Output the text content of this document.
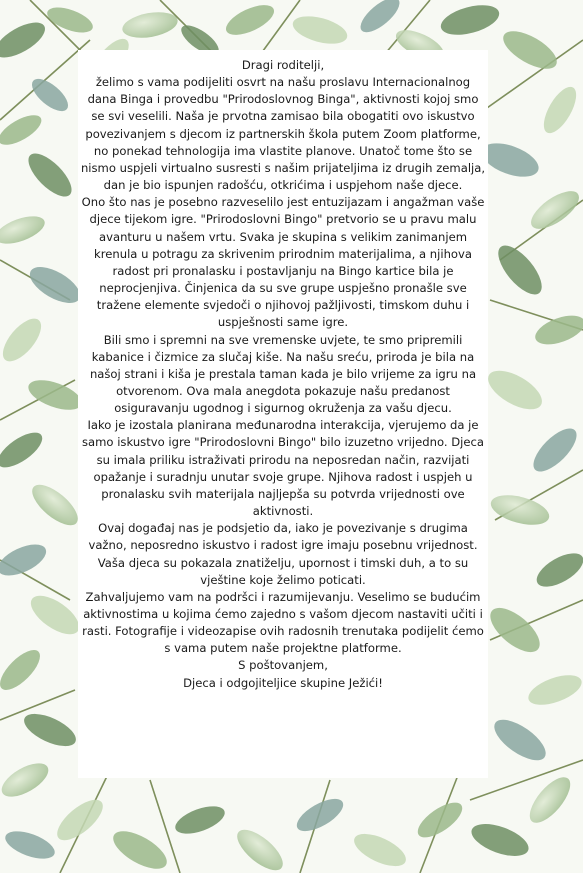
Dragi roditelji,

želimo s vama podijeliti osvrt na našu proslavu Internacionalnog dana Binga i provedbu "Prirodoslovnog Binga", aktivnosti kojoj smo se svi veselili. Naša je prvotna zamisao bila obogatiti ovo iskustvo povezivanjem s djecom iz partnerskih škola putem Zoom platforme, no ponekad tehnologija ima vlastite planove. Unatoč tome što se nismo uspjeli virtualno susresti s našim prijateljima iz drugih zemalja, dan je bio ispunjen radošću, otkrićima i uspjehom naše djece.

Ono što nas je posebno razveselilo jest entuzijazam i angažman vaše djece tijekom igre. "Prirodoslovni Bingo" pretvorio se u pravu malu avanturu u našem vrtu. Svaka je skupina s velikim zanimanjem krenula u potragu za skrivenim prirodnim materijalima, a njihova radost pri pronalasku i postavljanju na Bingo kartice bila je neprocjenjiva. Činjenica da su sve grupe uspješno pronašle sve tražene elemente svjedoči o njihovoj pažljivosti, timskom duhu i uspješnosti same igre.

Bili smo i spremni na sve vremenske uvjete, te smo pripremili kabanice i čizmice za slučaj kiše. Na našu sreću, priroda je bila na našoj strani i kiša je prestala taman kada je bilo vrijeme za igru na otvorenom. Ova mala anegdota pokazuje našu predanost osiguravanju ugodnog i sigurnog okruženja za vašu djecu.

Iako je izostala planirana međunarodna interakcija, vjerujemo da je samo iskustvo igre "Prirodoslovni Bingo" bilo izuzetno vrijedno. Djeca su imala priliku istraživati prirodu na neposredan način, razvijati opažanje i suradnju unutar svoje grupe. Njihova radost i uspjeh u pronalasku svih materijala najljepša su potvrda vrijednosti ove aktivnosti.

Ovaj događaj nas je podsjetio da, iako je povezivanje s drugima važno, neposredno iskustvo i radost igre imaju posebnu vrijednost. Vaša djeca su pokazala znatiželju, upornost i timski duh, a to su vještine koje želimo poticati.

Zahvaljujemo vam na podršci i razumijevanju. Veselimo se budućim aktivnostima u kojima ćemo zajedno s vašom djecom nastaviti učiti i rasti. Fotografije i videozapise ovih radosnih trenutaka podijelit ćemo s vama putem naše projektne platforme.

S poštovanjem,

Djeca i odgojiteljice skupine Ježići!
